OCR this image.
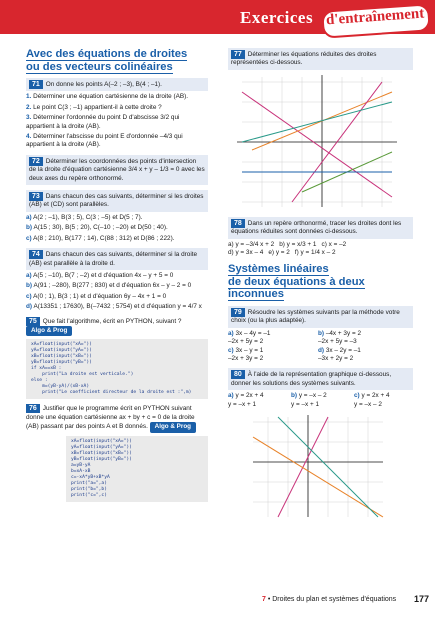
Exercices d'entraînement
Avec des équations de droites
ou des vecteurs colinéaires

71 On donne les points A(–2 ; –3), B(4 ; –1).

1. Déterminer une équation cartésienne de la droite (AB).

2. Le point C(3 ; –1) appartient-il à cette droite ?

3. Déterminer l'ordonnée du point D d'abscisse 3/2 qui appartient à la droite (AB).

4. Déterminer l'abscisse du point E d'ordonnée –4/3 qui appartient à la droite (AB).

72 Déterminer les coordonnées des points d'intersection de la droite d'équation cartésienne 3/4 x + y – 1/3 = 0 avec les deux axes du repère orthonormé.

73 Dans chacun des cas suivants, déterminer si les droites (AB) et (CD) sont parallèles.

a) A(2 ; –1), B(3 ; 5), C(3 ; –5) et D(5 ; 7).

b) A(15 ; 30), B(5 ; 20), C(–10 ; –20) et D(50 ; 40).

c) A(8 ; 210), B(177 ; 14), C(88 ; 312) et D(86 ; 222).

74 Dans chacun des cas suivants, déterminer si la droite (AB) est parallèle à la droite d.

a) A(5 ; –10), B(7 ; –2) et d d'équation 4x – y + 5 = 0

b) A(91 ; –280), B(277 ; 830) et d d'équation 6x – y – 2 = 0

c) A(0 ; 1), B(3 ; 1) et d d'équation 6y – 4x + 1 = 0

d) A(13351 ; 17630), B(–7432 ; 5754) et d d'équation y = 4/7 x

75 Que fait l'algorithme, écrit en PYTHON, suivant ? Algo & Prog

xA=float(input("xA="))
yA=float(input("yA="))
xB=float(input("xB="))
yB=float(input("yB="))
if xA==xB :
print("La droite est verticale.")
else :
m=(yB-yA)/(xB-xA)
print("Le coefficient directeur de la droite est :",m)

76 Justifier que le programme écrit en PYTHON suivant donne une équation cartésienne ax + by + c = 0 de la droite (AB) passant par des points A et B donnés. Algo & Prog

xA=float(input("xA="))
yA=float(input("yA="))
xB=float(input("xB="))
yB=float(input("yB="))
a=yB-yA
b=xA-xB
c=-xA*yB+xB*yA
print("a=",a)
print("b=",b)
print("c=",c)

77 Déterminer les équations réduites des droites représentées ci-dessous.

78 Dans un repère orthonormé, tracer les droites dont les équations réduites sont données ci-dessous.

a) y = –3/4 x + 2 b) y = x/3 + 1 c) x = –2
d) y = 3x – 4 e) y = 2 f) y = 1/4 x – 2
Systèmes linéaires
de deux équations à deux inconnues

79 Résoudre les systèmes suivants par la méthode votre choix (ou la plus adaptée).

a) 3x – 4y = –1
–2x + 5y = 2
b) –4x + 3y = 2
–2x + 5y = –3
c) 3x – y = 1
–2x + 3y = 2
d) 3x – 2y = –1
–3x + 2y = 2

80 À l'aide de la représentation graphique ci-dessous, donner les solutions des systèmes suivants.

a) y = 2x + 4
y = –x + 1
b) y = –x – 2
y = –x + 1
c) y = 2x + 4
y = –x – 2
7 • Droites du plan et systèmes d'équations 177
